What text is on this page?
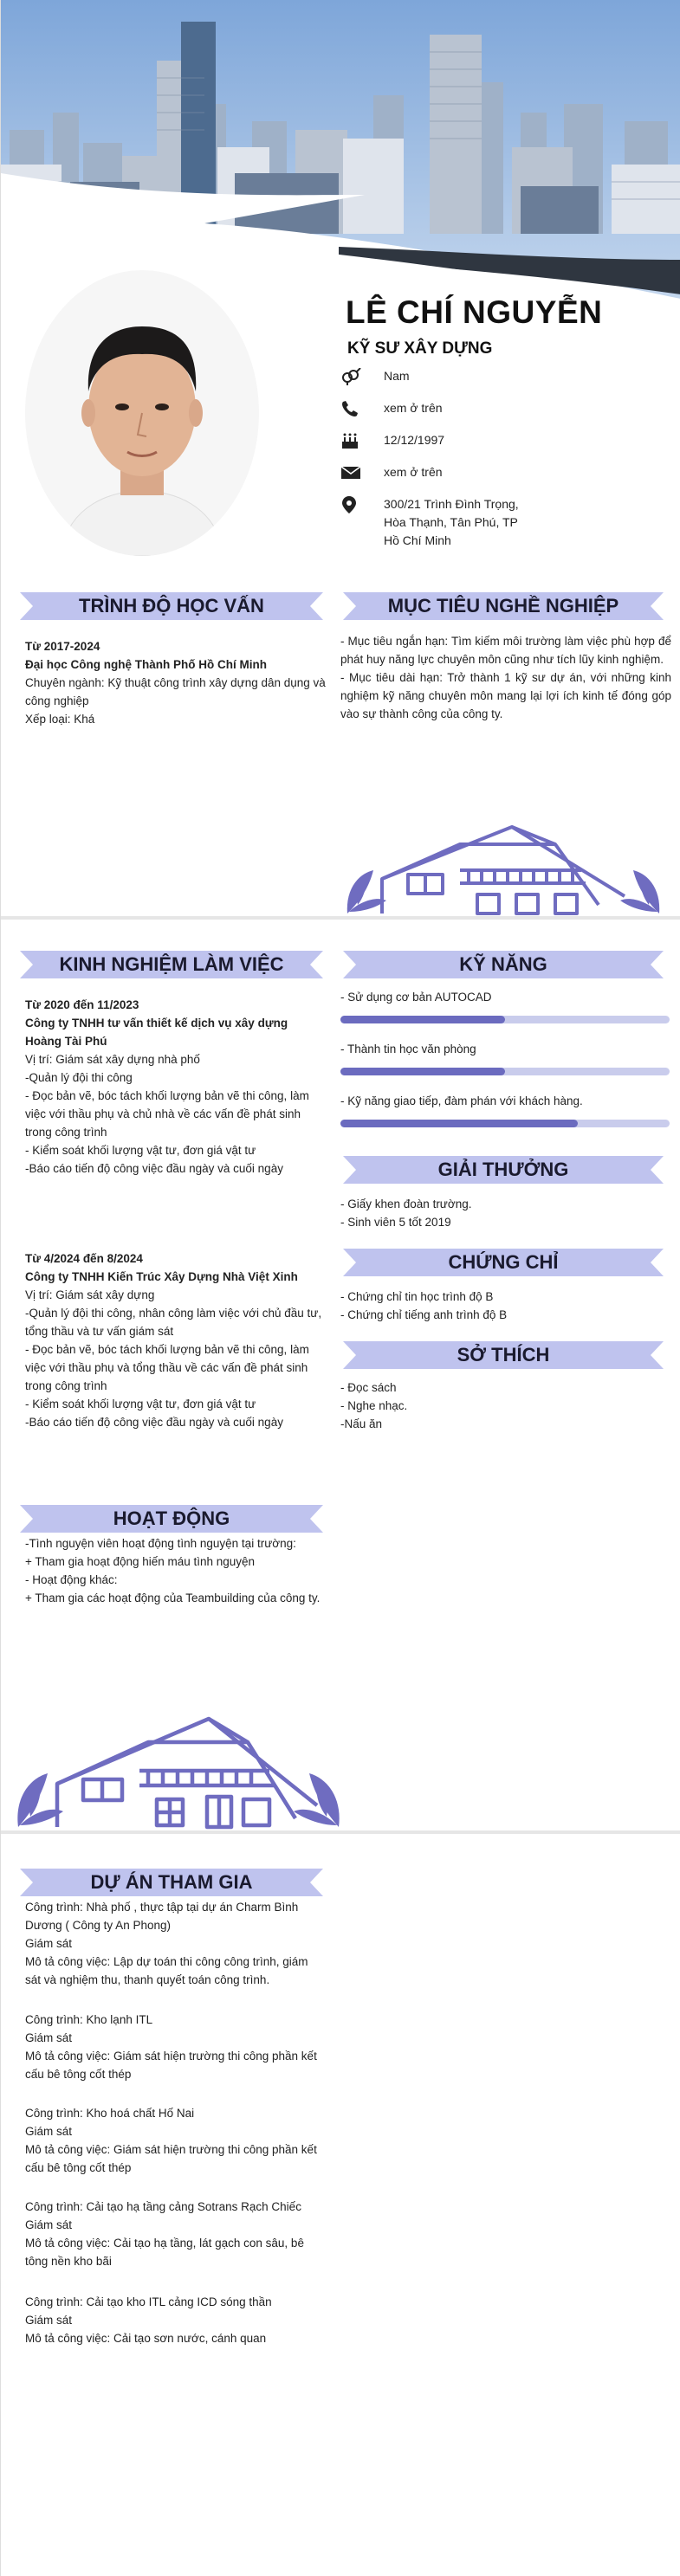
LÊ CHÍ NGUYỄN
KỸ SƯ XÂY DỰNG
Nam
xem ở trên
12/12/1997
xem ở trên
300/21 Trình Đình Trọng, Hòa Thạnh, Tân Phú, TP Hồ Chí Minh
TRÌNH ĐỘ HỌC VẤN
Từ 2017-2024
Đại học Công nghệ Thành Phố Hồ Chí Minh
Chuyên ngành: Kỹ thuật công trình xây dựng dân dụng và công nghiệp
Xếp loại: Khá
MỤC TIÊU NGHỀ NGHIỆP
- Mục tiêu ngắn hạn: Tìm kiếm môi trường làm việc phù hợp để phát huy năng lực chuyên môn cũng như tích lũy kinh nghiệm.
- Mục tiêu dài hạn: Trở thành 1 kỹ sư dự án, với những kinh nghiệm kỹ năng chuyên môn mang lại lợi ích kinh tế đóng góp vào sự thành công của công ty.
KINH NGHIỆM LÀM VIỆC
Từ 2020 đến 11/2023
Công ty TNHH tư vấn thiết kế dịch vụ xây dựng Hoàng Tài Phú
Vị trí: Giám sát xây dựng nhà phố
-Quản lý đội thi công
- Đọc bản vẽ, bóc tách khối lượng bản vẽ thi công, làm việc với thầu phụ và chủ nhà về các vấn đề phát sinh trong công trình
- Kiểm soát khối lượng vật tư, đơn giá vật tư
-Báo cáo tiến độ công việc đầu ngày và cuối ngày
Từ 4/2024 đến 8/2024
Công ty TNHH Kiến Trúc Xây Dựng Nhà Việt Xinh
Vị trí: Giám sát xây dựng
-Quản lý đội thi công, nhân công làm việc với chủ đầu tư, tổng thầu và tư vấn giám sát
- Đọc bản vẽ, bóc tách khối lượng bản vẽ thi công, làm việc với thầu phụ và tổng thầu về các vấn đề phát sinh trong công trình
- Kiểm soát khối lượng vật tư, đơn giá vật tư
-Báo cáo tiến độ công việc đầu ngày và cuối ngày
KỸ NĂNG
- Sử dụng cơ bản AUTOCAD
- Thành tin học văn phòng
- Kỹ năng giao tiếp, đàm phán với khách hàng.
GIẢI THƯỞNG
- Giấy khen đoàn trường.
- Sinh viên 5 tốt 2019
CHỨNG CHỈ
- Chứng chỉ tin học trình độ B
- Chứng chỉ tiếng anh trình độ B
SỞ THÍCH
- Đọc sách
- Nghe nhạc.
-Nấu ăn
HOẠT ĐỘNG
-Tình nguyện viên hoạt động tình nguyện tại trường:
+ Tham gia hoạt động hiến máu tình nguyện
- Hoạt động khác:
+ Tham gia các hoạt động của Teambuilding của công ty.
DỰ ÁN THAM GIA
Công trình: Nhà phố , thực tập tại dự án Charm Bình Dương ( Công ty An Phong)
Giám sát
Mô tả công việc: Lập dự toán thi công công trình, giám sát và nghiệm thu, thanh quyết toán công trình.
Công trình: Kho lạnh ITL
Giám sát
Mô tả công việc: Giám sát hiện trường thi công phần kết cấu bê tông cốt thép
Công trình: Kho hoá chất Hố Nai
Giám sát
Mô tả công việc: Giám sát hiện trường thi công phần kết cấu bê tông cốt thép
Công trình: Cải tạo hạ tầng cảng Sotrans Rạch Chiếc
Giám sát
Mô tả công việc: Cải tạo hạ tầng, lát gạch con sâu, bê tông nền kho bãi
Công trình: Cải tạo kho ITL cảng ICD sóng thần
Giám sát
Mô tả công việc: Cải tạo sơn nước, cánh quan
